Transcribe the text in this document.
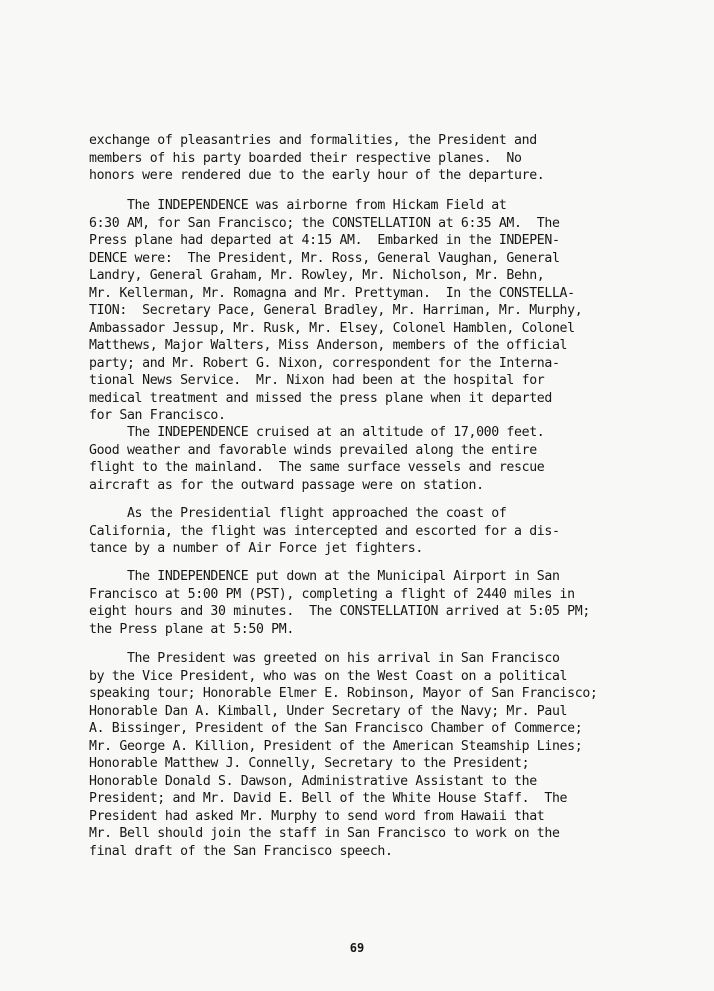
exchange of pleasantries and formalities, the President and
members of his party boarded their respective planes.  No
honors were rendered due to the early hour of the departure.
The INDEPENDENCE was airborne from Hickam Field at
6:30 AM, for San Francisco; the CONSTELLATION at 6:35 AM.  The
Press plane had departed at 4:15 AM.  Embarked in the INDEPEN-
DENCE were:  The President, Mr. Ross, General Vaughan, General
Landry, General Graham, Mr. Rowley, Mr. Nicholson, Mr. Behn,
Mr. Kellerman, Mr. Romagna and Mr. Prettyman.  In the CONSTELLA-
TION:  Secretary Pace, General Bradley, Mr. Harriman, Mr. Murphy,
Ambassador Jessup, Mr. Rusk, Mr. Elsey, Colonel Hamblen, Colonel
Matthews, Major Walters, Miss Anderson, members of the official
party; and Mr. Robert G. Nixon, correspondent for the Interna-
tional News Service.  Mr. Nixon had been at the hospital for
medical treatment and missed the press plane when it departed
for San Francisco.
The INDEPENDENCE cruised at an altitude of 17,000 feet.
Good weather and favorable winds prevailed along the entire
flight to the mainland.  The same surface vessels and rescue
aircraft as for the outward passage were on station.
As the Presidential flight approached the coast of
California, the flight was intercepted and escorted for a dis-
tance by a number of Air Force jet fighters.
The INDEPENDENCE put down at the Municipal Airport in San
Francisco at 5:00 PM (PST), completing a flight of 2440 miles in
eight hours and 30 minutes.  The CONSTELLATION arrived at 5:05 PM;
the Press plane at 5:50 PM.
The President was greeted on his arrival in San Francisco
by the Vice President, who was on the West Coast on a political
speaking tour; Honorable Elmer E. Robinson, Mayor of San Francisco;
Honorable Dan A. Kimball, Under Secretary of the Navy; Mr. Paul
A. Bissinger, President of the San Francisco Chamber of Commerce;
Mr. George A. Killion, President of the American Steamship Lines;
Honorable Matthew J. Connelly, Secretary to the President;
Honorable Donald S. Dawson, Administrative Assistant to the
President; and Mr. David E. Bell of the White House Staff.  The
President had asked Mr. Murphy to send word from Hawaii that
Mr. Bell should join the staff in San Francisco to work on the
final draft of the San Francisco speech.
69
